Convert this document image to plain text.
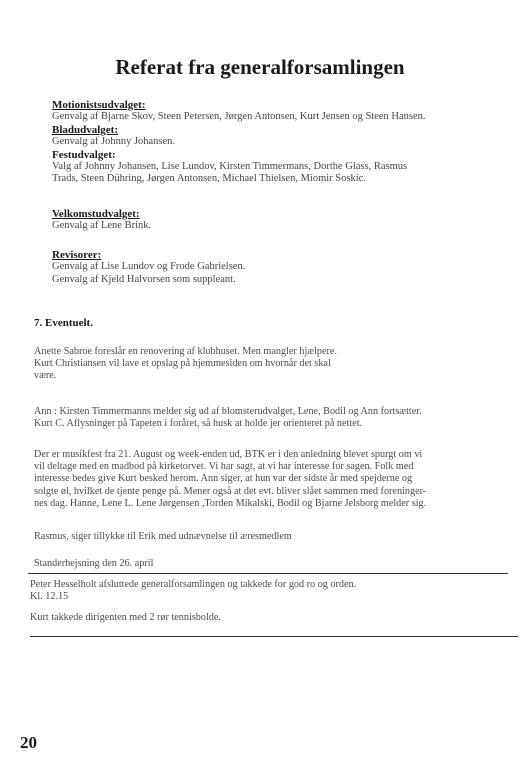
Referat fra generalforsamlingen
Motionistsudvalget:
Genvalg af Bjarne Skov, Steen Petersen, Jørgen Antonsen, Kurt Jensen og Steen Hansen.
Bladudvalget:
Genvalg af Johnny Johansen.
Festudvalget:
Valg af Johnny Johansen, Lise Lundov, Kirsten Timmermans, Dorthe Glass, Rasmus
Trads, Steen Dühring, Jørgen Antonsen, Michael Thielsen, Miomir Soskic.
Velkomstudvalget:
Genvalg af Lene Brink.
Revisorer:
Genvalg af Lise Lundov og Frode Gabrielsen.
Genvalg af Kjeld Halvorsen som suppleant.
7. Eventuelt.
Anette Sabroe foreslår en renovering af klubhuset. Men mangler hjælpere.
Kurt Christiansen vil lave et opslag på hjemmesiden om hvornår det skal
være.
Ann : Kirsten Timmermanns melder sig ud af blomsterudvalget, Lene, Bodil og Ann fortsætter.
Kurt C. Aflysninger på Tapeten i foråret, så husk at holde jer orienteret på nettet.
Der er musikfest fra 21. August og week-enden ud, BTK er i den anledning blevet spurgt om vi
vil deltage med en madbod på kirketorvet. Vi har sagt, at vi har interesse for sagen. Folk med
interesse bedes give Kurt besked herom. Ann siger, at hun var der sidste år med spejderne og
solgte øl, hvilket de tjente penge på. Mener også at det evt. bliver slået sammen med foreninger-
nes dag. Hanne, Lene L. Lene Jørgensen ,Torden Mikalski, Bodil og Bjarne Jelsborg melder sig.
Rasmus, siger tillykke til Erik med udnævnelse til æresmedlem
Standerhejsning den 26. april
Peter Hesselholt afsluttede generalforsamlingen og takkede for god ro og orden.
Kl. 12.15
Kurt takkede dirigenten med 2 rør tennisbolde.
20
